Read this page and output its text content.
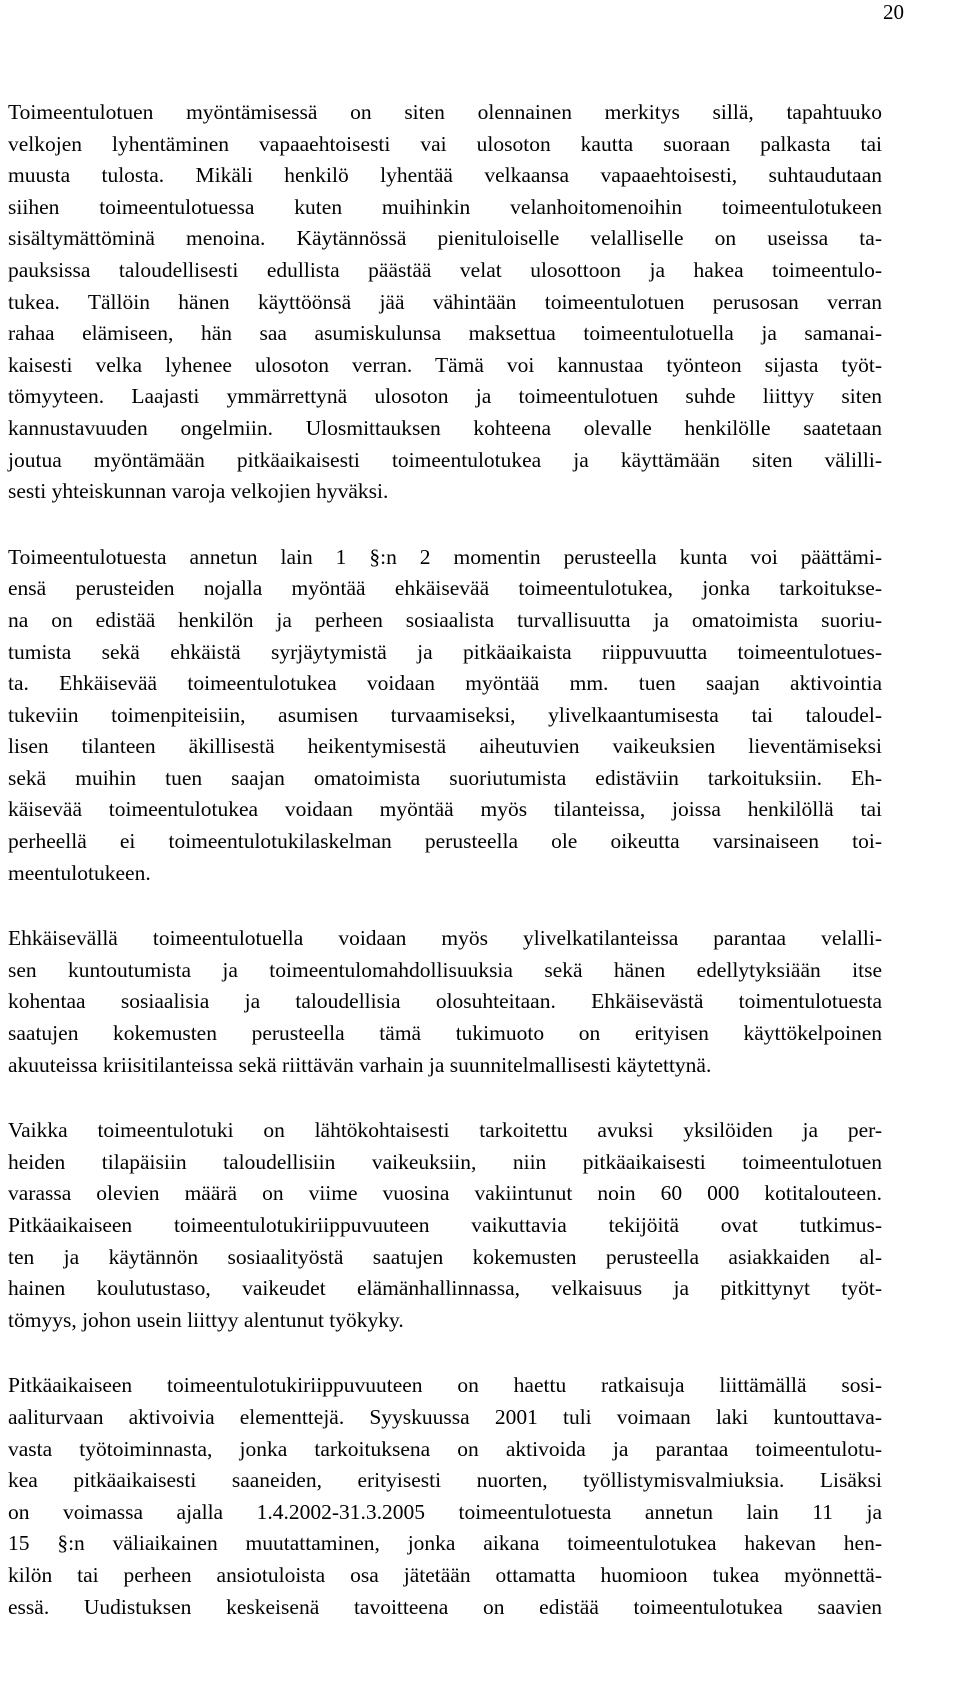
20

Toimeentulotuen myöntämisessä on siten olennainen merkitys sillä, tapahtuuko
velkojen lyhentäminen vapaaehtoisesti vai ulosoton kautta suoraan palkasta tai
muusta tulosta. Mikäli henkilö lyhentää velkaansa vapaaehtoisesti, suhtaudutaan
siihen toimeentulotuessa kuten muihinkin velanhoitomenoihin toimeentulotukeen
sisältymättöminä menoina. Käytännössä pienituloiselle velalliselle on useissa ta-
pauksissa taloudellisesti edullista päästää velat ulosottoon ja hakea toimeentulo-
tukea. Tällöin hänen käyttöönsä jää vähintään toimeentulotuen perusosan verran
rahaa elämiseen, hän saa asumiskulunsa maksettua toimeentulotuella ja samanai-
kaisesti velka lyhenee ulosoton verran. Tämä voi kannustaa työnteon sijasta työt-
tömyyteen. Laajasti ymmärrettynä ulosoton ja toimeentulotuen suhde liittyy siten
kannustavuuden ongelmiin. Ulosmittauksen kohteena olevalle henkilölle saatetaan
joutua myöntämään pitkäaikaisesti toimeentulotukea ja käyttämään siten välilli-
sesti yhteiskunnan varoja velkojien hyväksi.

Toimeentulotuesta annetun lain 1 §:n 2 momentin perusteella kunta voi päättämi-
ensä perusteiden nojalla myöntää ehkäisevää toimeentulotukea, jonka tarkoitukse-
na on edistää henkilön ja perheen sosiaalista turvallisuutta ja omatoimista suoriu-
tumista sekä ehkäistä syrjäytymistä ja pitkäaikaista riippuvuutta toimeentulotues-
ta. Ehkäisevää toimeentulotukea voidaan myöntää mm. tuen saajan aktivointia
tukeviin toimenpiteisiin, asumisen turvaamiseksi, ylivelkaantumisesta tai taloudel-
lisen tilanteen äkillisestä heikentymisestä aiheutuvien vaikeuksien lieventämiseksi
sekä muihin tuen saajan omatoimista suoriutumista edistäviin tarkoituksiin. Eh-
käisevää toimeentulotukea voidaan myöntää myös tilanteissa, joissa henkilöllä tai
perheellä ei toimeentulotukilaskelman perusteella ole oikeutta varsinaiseen toi-
meentulotukeen.

Ehkäisevällä toimeentulotuella voidaan myös ylivelkatilanteissa parantaa velalli-
sen kuntoutumista ja toimeentulomahdollisuuksia sekä hänen edellytyksiään itse
kohentaa sosiaalisia ja taloudellisia olosuhteitaan. Ehkäisevästä toimentulotuesta
saatujen kokemusten perusteella tämä tukimuoto on erityisen käyttökelpoinen
akuuteissa kriisitilanteissa sekä riittävän varhain ja suunnitelmallisesti käytettynä.

Vaikka toimeentulotuki on lähtökohtaisesti tarkoitettu avuksi yksilöiden ja per-
heiden tilapäisiin taloudellisiin vaikeuksiin, niin pitkäaikaisesti toimeentulotuen
varassa olevien määrä on viime vuosina vakiintunut noin 60 000 kotitalouteen.
Pitkäaikaiseen toimeentulotukiriippuvuuteen vaikuttavia tekijöitä ovat tutkimus-
ten ja käytännön sosiaalityöstä saatujen kokemusten perusteella asiakkaiden al-
hainen koulutustaso, vaikeudet elämänhallinnassa, velkaisuus ja pitkittynyt työt-
tömyys, johon usein liittyy alentunut työkyky.

Pitkäaikaiseen toimeentulotukiriippuvuuteen on haettu ratkaisuja liittämällä sosi-
aaliturvaan aktivoivia elementtejä. Syyskuussa 2001 tuli voimaan laki kuntouttava-
vasta työtoiminnasta, jonka tarkoituksena on aktivoida ja parantaa toimeentulotu-
kea pitkäaikaisesti saaneiden, erityisesti nuorten, työllistymisvalmiuksia. Lisäksi
on voimassa ajalla 1.4.2002-31.3.2005 toimeentulotuesta annetun lain 11 ja
15 §:n väliaikainen muutattaminen, jonka aikana toimeentulotukea hakevan hen-
kilön tai perheen ansiotuloista osa jätetään ottamatta huomioon tukea myönnettä-
essä. Uudistuksen keskeisenä tavoitteena on edistää toimeentulotukea saavien
